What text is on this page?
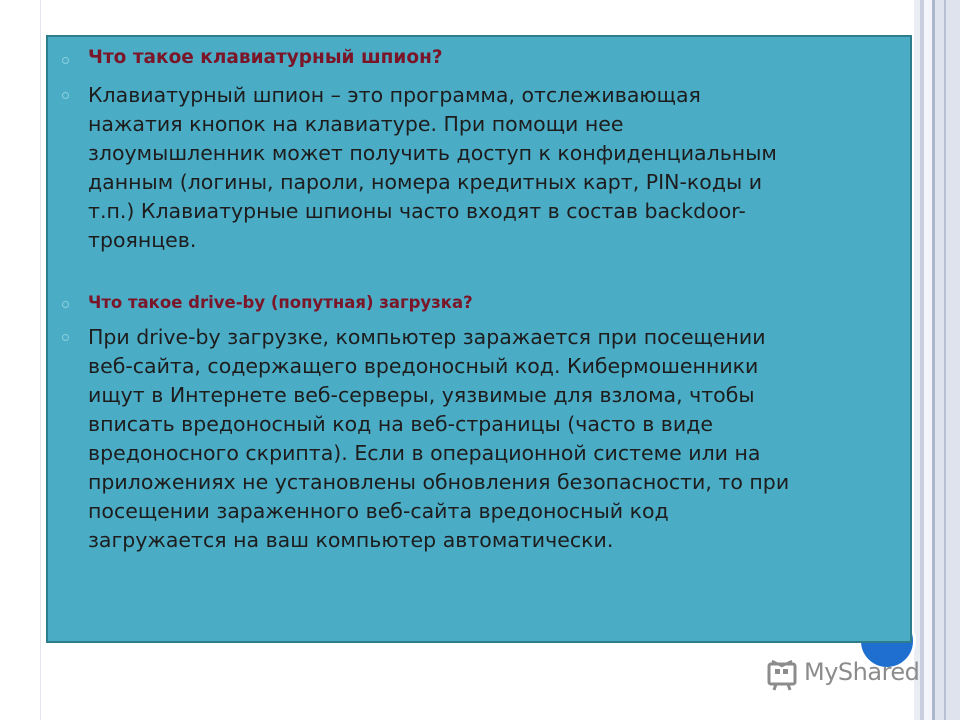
Что такое клавиатурный шпион?
Клавиатурный шпион – это программа, отслеживающая
нажатия кнопок на клавиатуре. При помощи нее
злоумышленник может получить доступ к конфиденциальным
данным (логины, пароли, номера кредитных карт, PIN-коды и
т.п.) Клавиатурные шпионы часто входят в состав backdoor-
троянцев.
Что такое drive-by (попутная) загрузка?
При drive-by загрузке, компьютер заражается при посещении
веб-сайта, содержащего вредоносный код. Кибермошенники
ищут в Интернете веб-серверы, уязвимые для взлома, чтобы
вписать вредоносный код на веб-страницы (часто в виде
вредоносного скрипта). Если в операционной системе или на
приложениях не установлены обновления безопасности, то при
посещении зараженного веб-сайта вредоносный код
загружается на ваш компьютер автоматически.
MyShared
